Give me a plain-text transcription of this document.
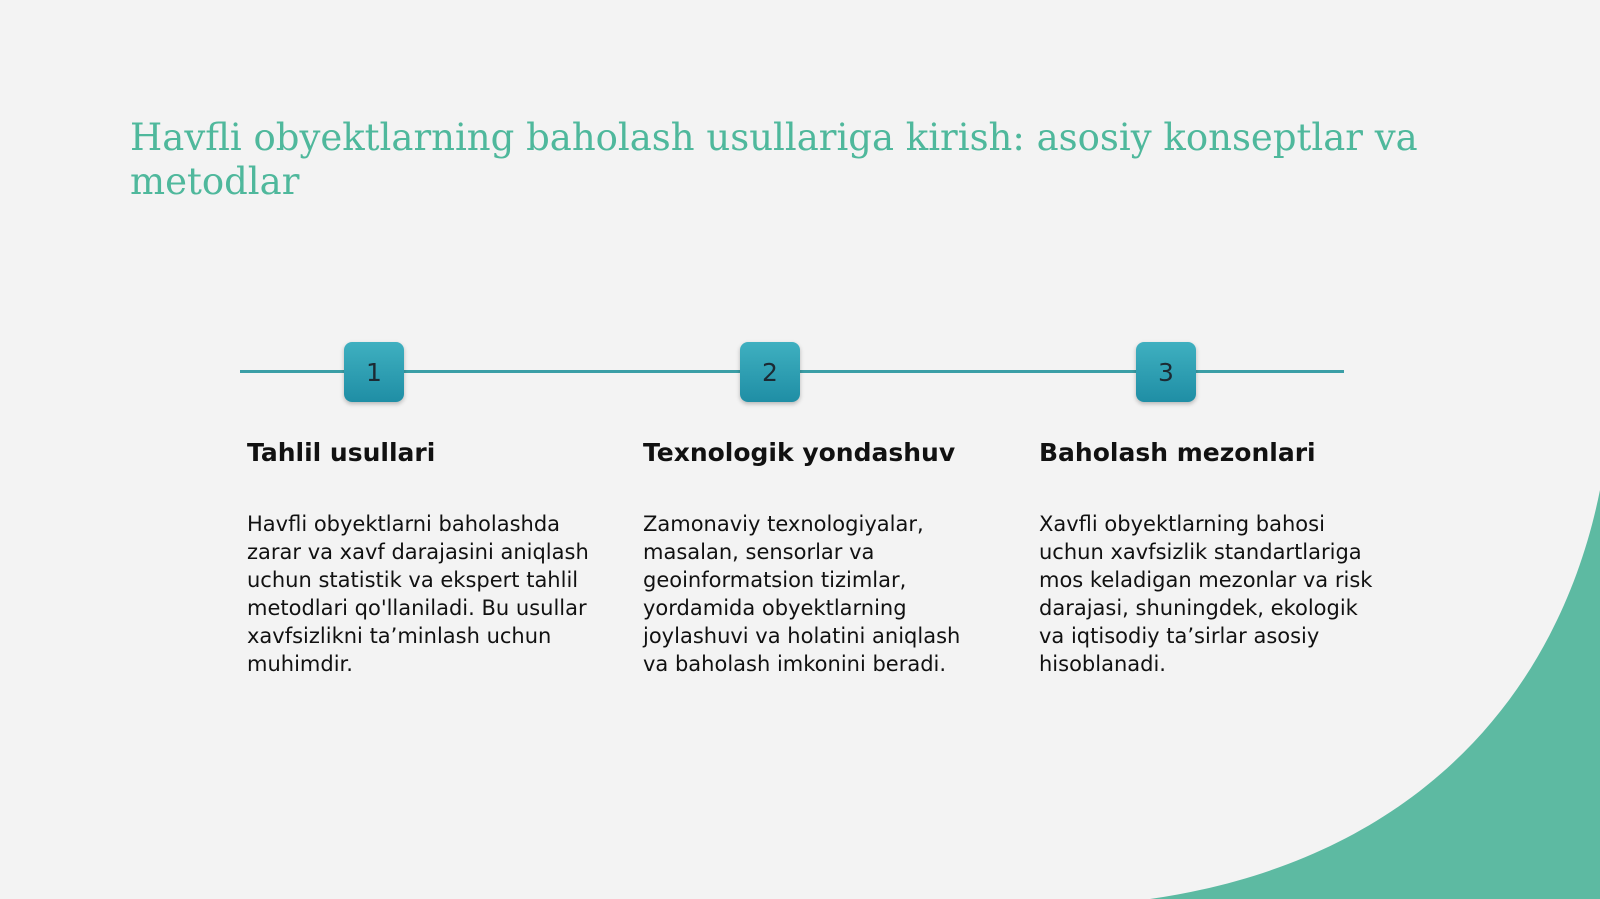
Havfli obyektlarning baholash usullariga kirish: asosiy konseptlar va metodlar
1	2	3
Tahlil usullari

Havfli obyektlarni baholashda zarar va xavf darajasini aniqlash uchun statistik va ekspert tahlil metodlari qo'llaniladi. Bu usullar xavfsizlikni ta’minlash uchun muhimdir.

Texnologik yondashuv

Zamonaviy texnologiyalar, masalan, sensorlar va geoinformatsion tizimlar, yordamida obyektlarning joylashuvi va holatini aniqlash va baholash imkonini beradi.

Baholash mezonlari

Xavfli obyektlarning bahosi uchun xavfsizlik standartlariga mos keladigan mezonlar va risk darajasi, shuningdek, ekologik va iqtisodiy ta’sirlar asosiy hisoblanadi.
